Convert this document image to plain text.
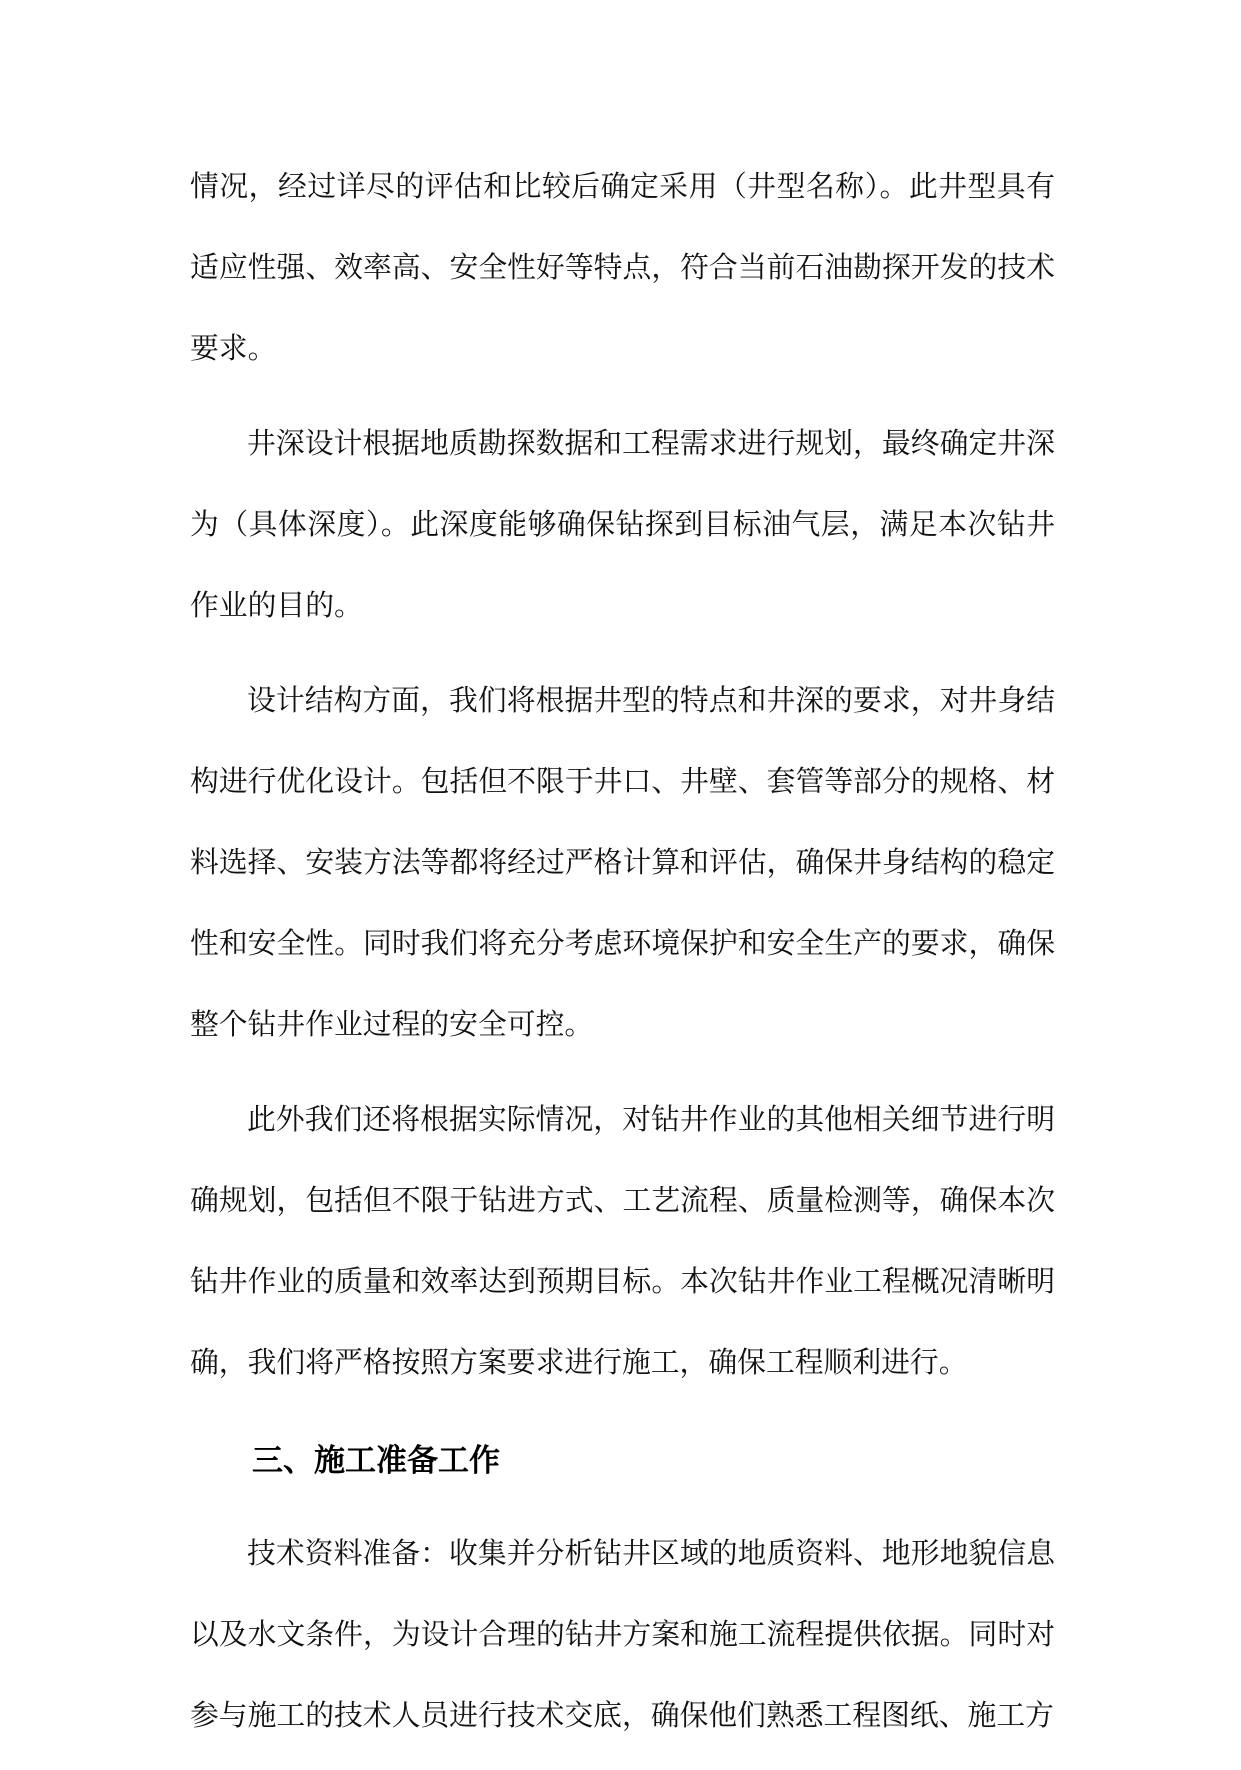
情况，经过详尽的评估和比较后确定采用（井型名称）。此井型具有适应性强、效率高、安全性好等特点，符合当前石油勘探开发的技术要求。

井深设计根据地质勘探数据和工程需求进行规划，最终确定井深为（具体深度）。此深度能够确保钻探到目标油气层，满足本次钻井作业的目的。

设计结构方面，我们将根据井型的特点和井深的要求，对井身结构进行优化设计。包括但不限于井口、井壁、套管等部分的规格、材料选择、安装方法等都将经过严格计算和评估，确保井身结构的稳定性和安全性。同时我们将充分考虑环境保护和安全生产的要求，确保整个钻井作业过程的安全可控。

此外我们还将根据实际情况，对钻井作业的其他相关细节进行明确规划，包括但不限于钻进方式、工艺流程、质量检测等，确保本次钻井作业的质量和效率达到预期目标。本次钻井作业工程概况清晰明确，我们将严格按照方案要求进行施工，确保工程顺利进行。

三、施工准备工作

技术资料准备：收集并分析钻井区域的地质资料、地形地貌信息以及水文条件，为设计合理的钻井方案和施工流程提供依据。同时对参与施工的技术人员进行技术交底，确保他们熟悉工程图纸、施工方
